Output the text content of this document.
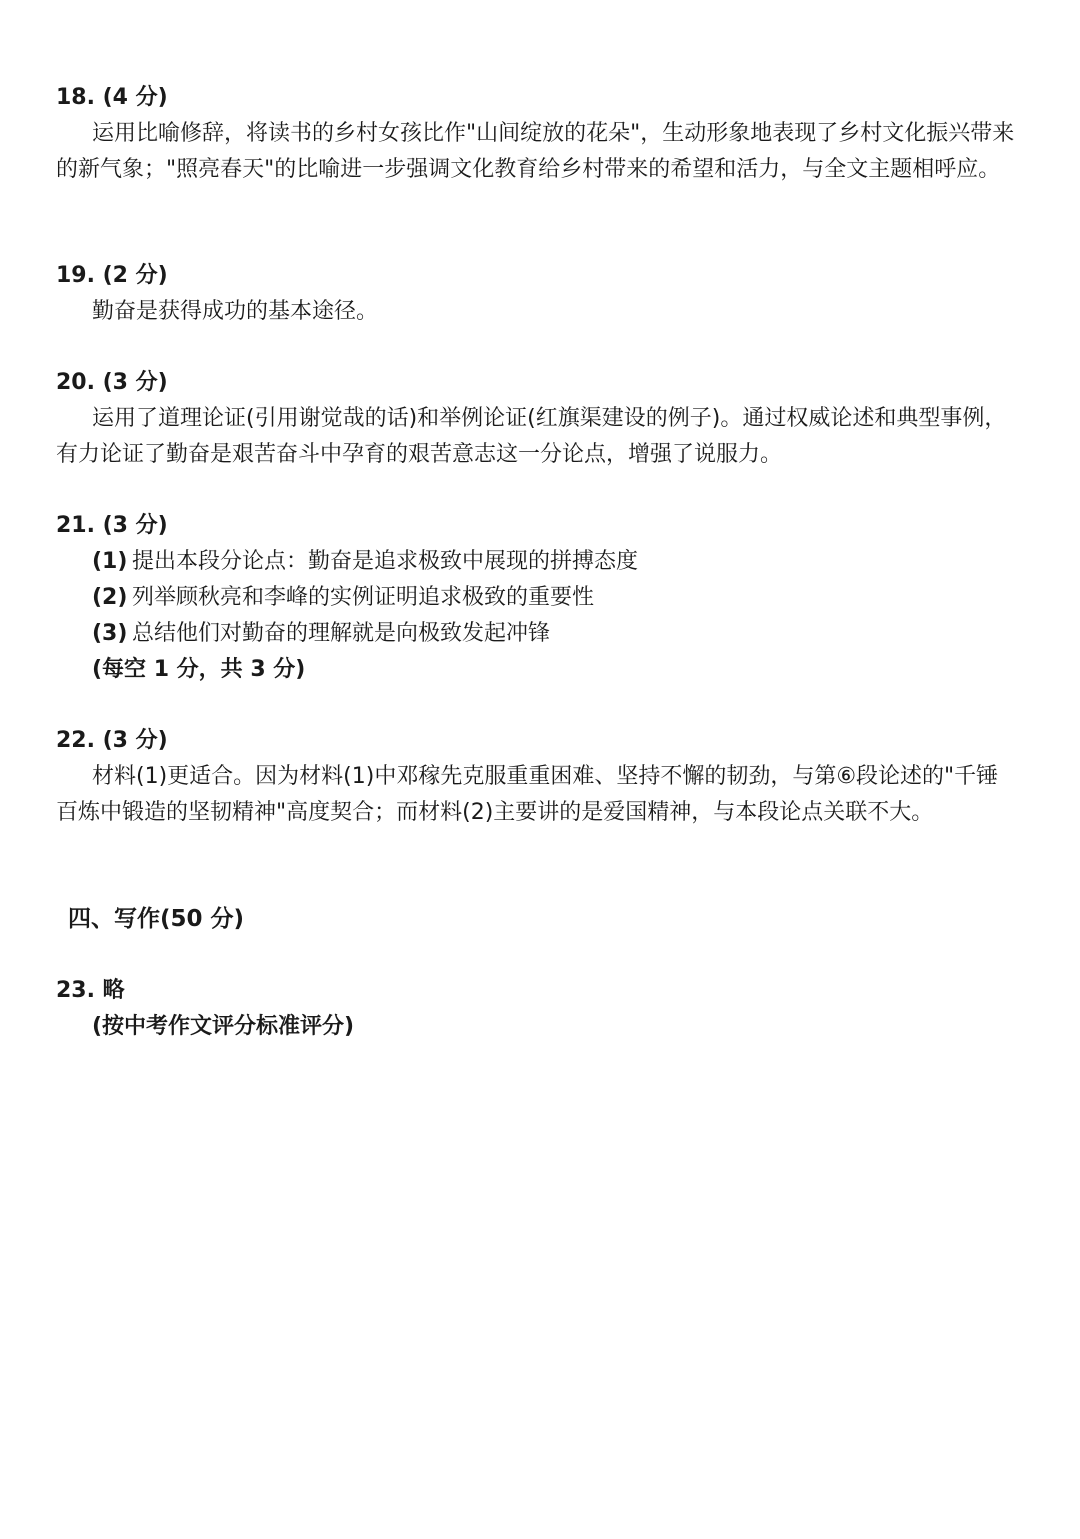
18. (4 分)

运用比喻修辞，将读书的乡村女孩比作"山间绽放的花朵"，生动形象地表现了乡村文化振兴带来的新气象；"照亮春天"的比喻进一步强调文化教育给乡村带来的希望和活力，与全文主题相呼应。

19. (2 分)

勤奋是获得成功的基本途径。

20. (3 分)

运用了道理论证(引用谢觉哉的话)和举例论证(红旗渠建设的例子)。通过权威论述和典型事例，有力论证了勤奋是艰苦奋斗中孕育的艰苦意志这一分论点，增强了说服力。

21. (3 分)

(1) 提出本段分论点：勤奋是追求极致中展现的拼搏态度

(2) 列举顾秋亮和李峰的实例证明追求极致的重要性

(3) 总结他们对勤奋的理解就是向极致发起冲锋

(每空 1 分，共 3 分)

22. (3 分)

材料(1)更适合。因为材料(1)中邓稼先克服重重困难、坚持不懈的韧劲，与第⑥段论述的"千锤百炼中锻造的坚韧精神"高度契合；而材料(2)主要讲的是爱国精神，与本段论点关联不大。

四、写作(50 分)

23. 略

(按中考作文评分标准评分)
